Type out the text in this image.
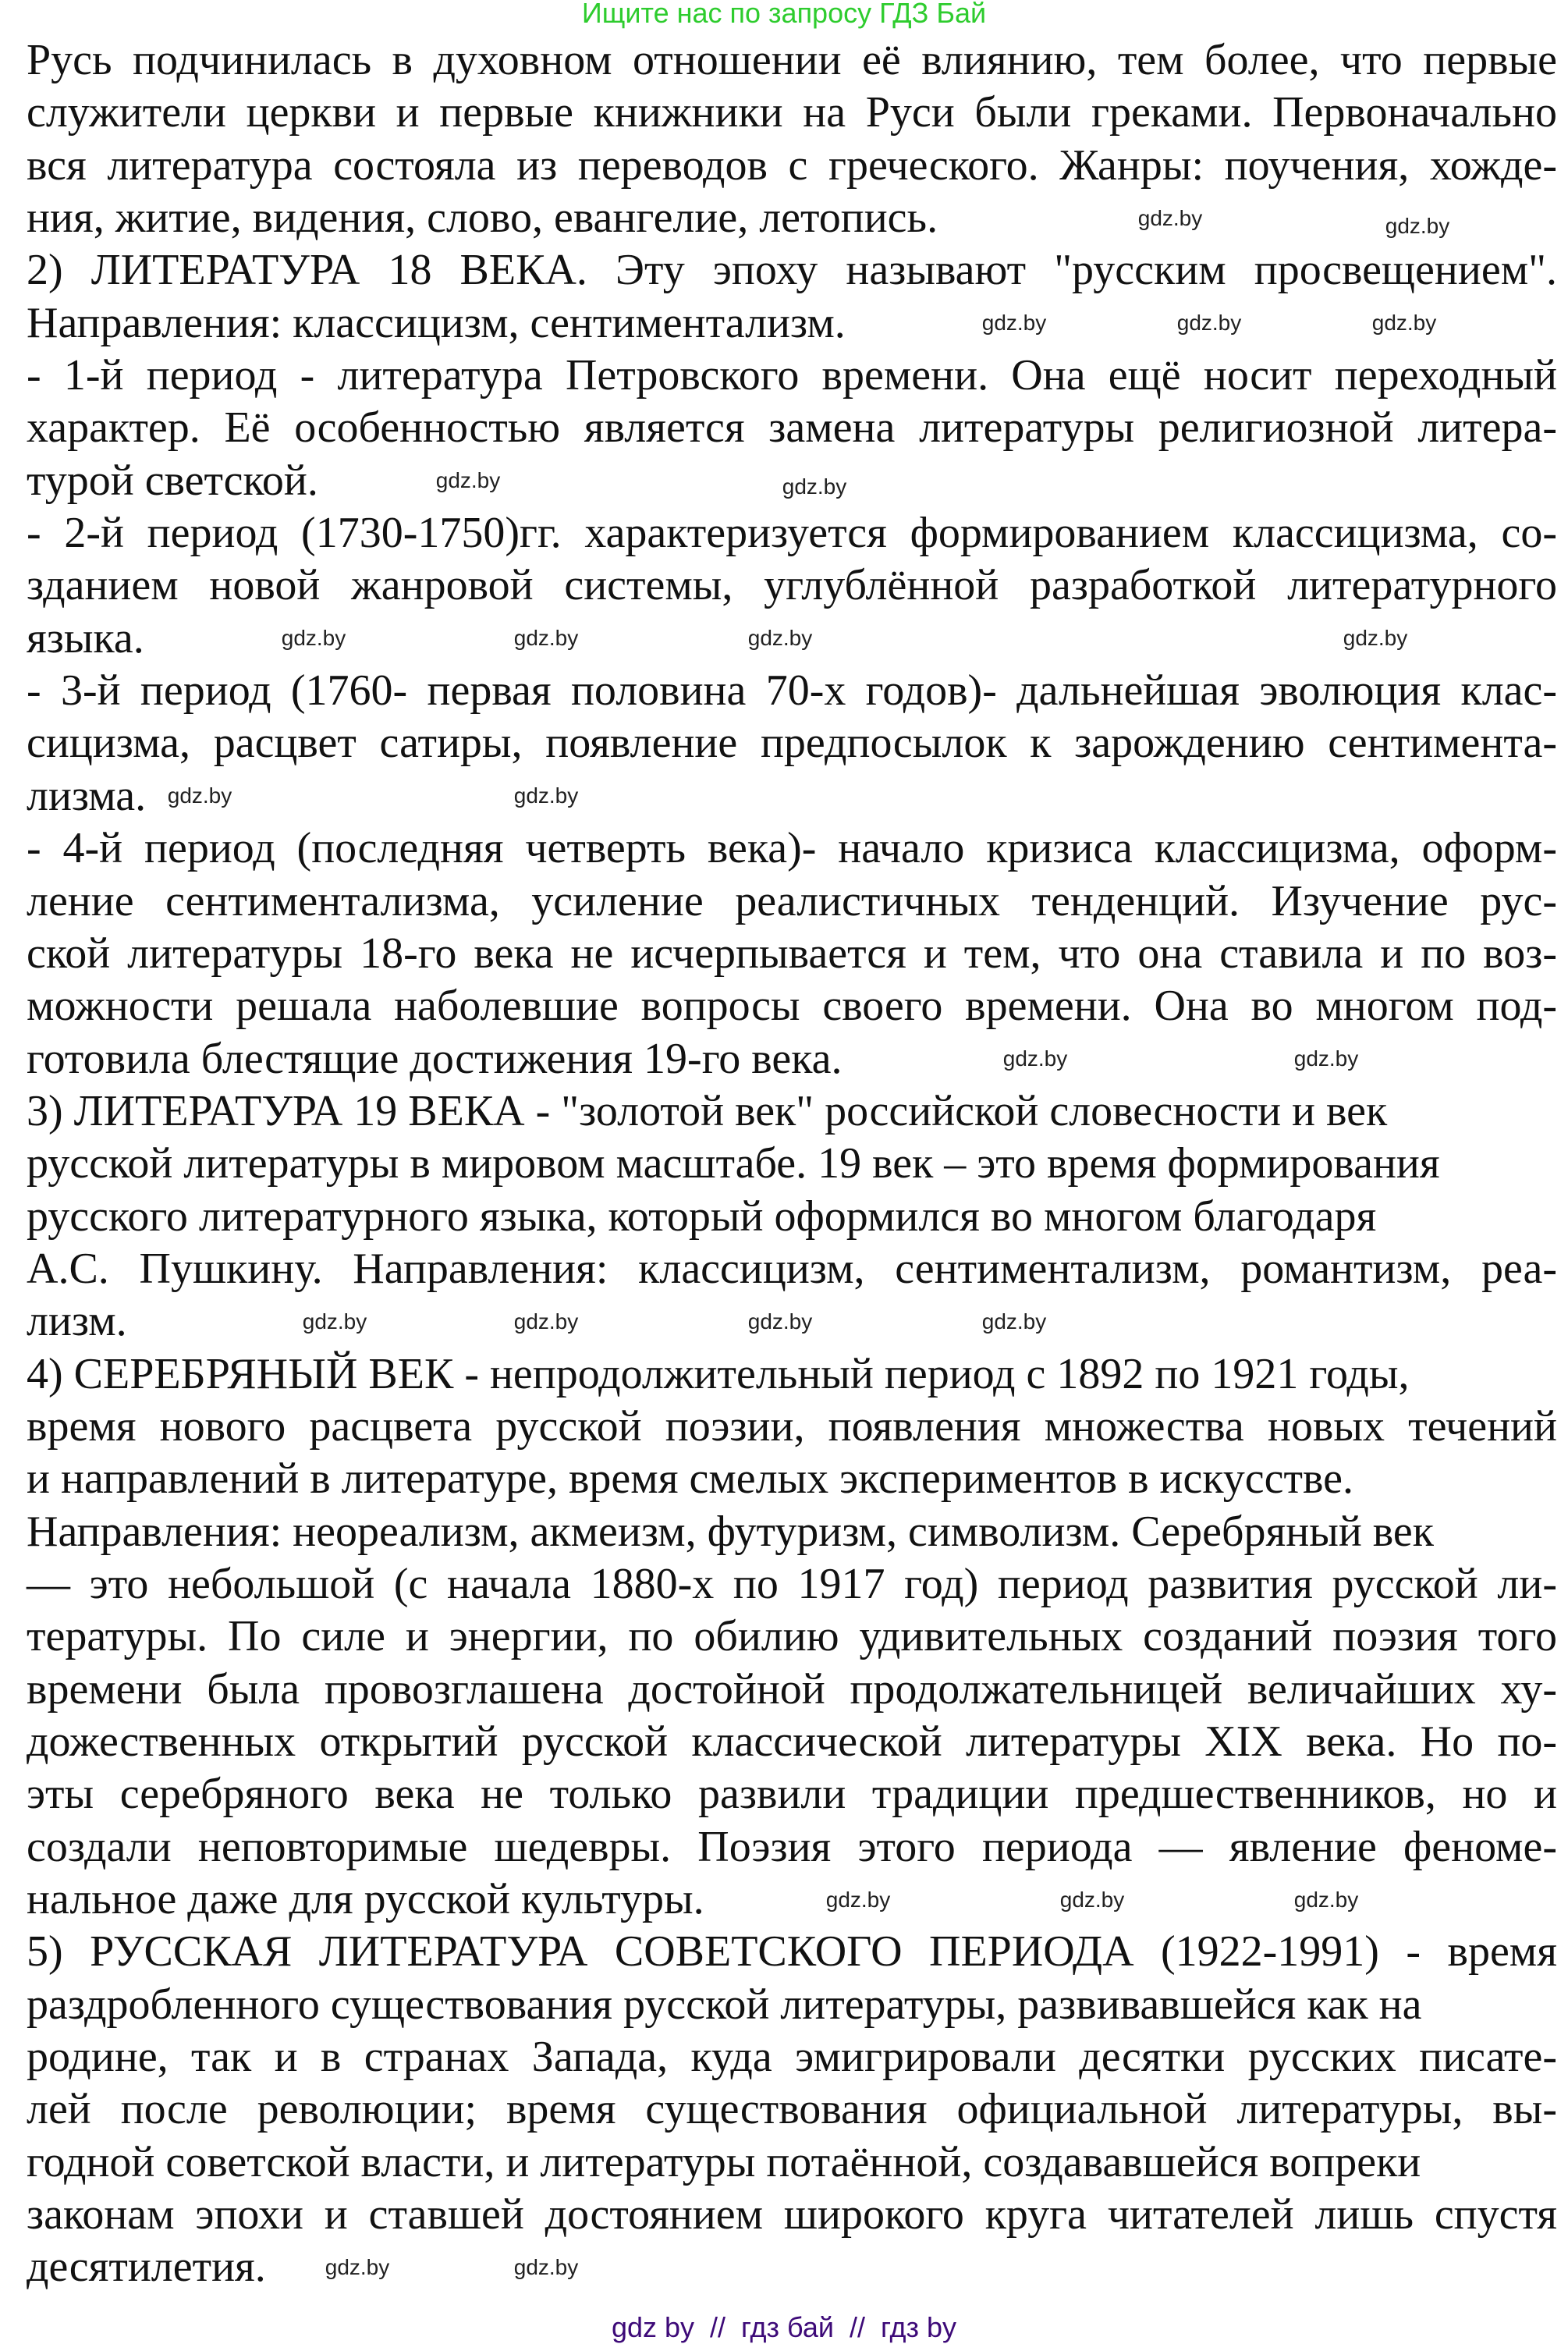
Ищите нас по запросу ГДЗ Бай
Русь подчинилась в духовном отношении её влиянию, тем более, что первые
служители церкви и первые книжники на Руси были греками. Первоначально
вся литература состояла из переводов с греческого. Жанры: поучения, хожде-
ния, житие, видения, слово, евангелие, летопись.
2) ЛИТЕРАТУРА 18 ВЕКА. Эту эпоху называют "русским просвещением".
Направления: классицизм, сентиментализм.
- 1-й период - литература Петровского времени. Она ещё носит переходный
характер. Её особенностью является замена литературы религиозной литера-
турой светской.
- 2-й период (1730-1750)гг. характеризуется формированием классицизма, со-
зданием новой жанровой системы, углублённой разработкой литературного
языка.
- 3-й период (1760- первая половина 70-х годов)- дальнейшая эволюция клас-
сицизма, расцвет сатиры, появление предпосылок к зарождению сентимента-
лизма.
- 4-й период (последняя четверть века)- начало кризиса классицизма, оформ-
ление сентиментализма, усиление реалистичных тенденций. Изучение рус-
ской литературы 18-го века не исчерпывается и тем, что она ставила и по воз-
можности решала наболевшие вопросы своего времени. Она во многом под-
готовила блестящие достижения 19-го века.
3) ЛИТЕРАТУРА 19 ВЕКА - "золотой век" российской словесности и век
русской литературы в мировом масштабе. 19 век – это время формирования
русского литературного языка, который оформился во многом благодаря
А.С. Пушкину. Направления: классицизм, сентиментализм, романтизм, реа-
лизм.
4) СЕРЕБРЯНЫЙ ВЕК - непродолжительный период с 1892 по 1921 годы,
время нового расцвета русской поэзии, появления множества новых течений
и направлений в литературе, время смелых экспериментов в искусстве.
Направления: неореализм, акмеизм, футуризм, символизм. Серебряный век
— это небольшой (с начала 1880-х по 1917 год) период развития русской ли-
тературы. По силе и энергии, по обилию удивительных созданий поэзия того
времени была провозглашена достойной продолжательницей величайших ху-
дожественных открытий русской классической литературы XIX века. Но по-
эты серебряного века не только развили традиции предшественников, но и
создали неповторимые шедевры. Поэзия этого периода — явление феноме-
нальное даже для русской культуры.
5) РУССКАЯ ЛИТЕРАТУРА СОВЕТСКОГО ПЕРИОДА (1922-1991) - время
раздробленного существования русской литературы, развивавшейся как на
родине, так и в странах Запада, куда эмигрировали десятки русских писате-
лей после революции; время существования официальной литературы, вы-
годной советской власти, и литературы потаённой, создававшейся вопреки
законам эпохи и ставшей достоянием широкого круга читателей лишь спустя
десятилетия.
gdz.by	gdz.by
gdz.by	gdz.by	gdz.by
gdz.by	gdz.by
gdz.by	gdz.by	gdz.by	gdz.by
gdz.by	gdz.by
gdz.by	gdz.by
gdz.by	gdz.by	gdz.by	gdz.by
gdz.by	gdz.by	gdz.by
gdz.by	gdz.by
gdz by  //  гдз бай  //  гдз by
